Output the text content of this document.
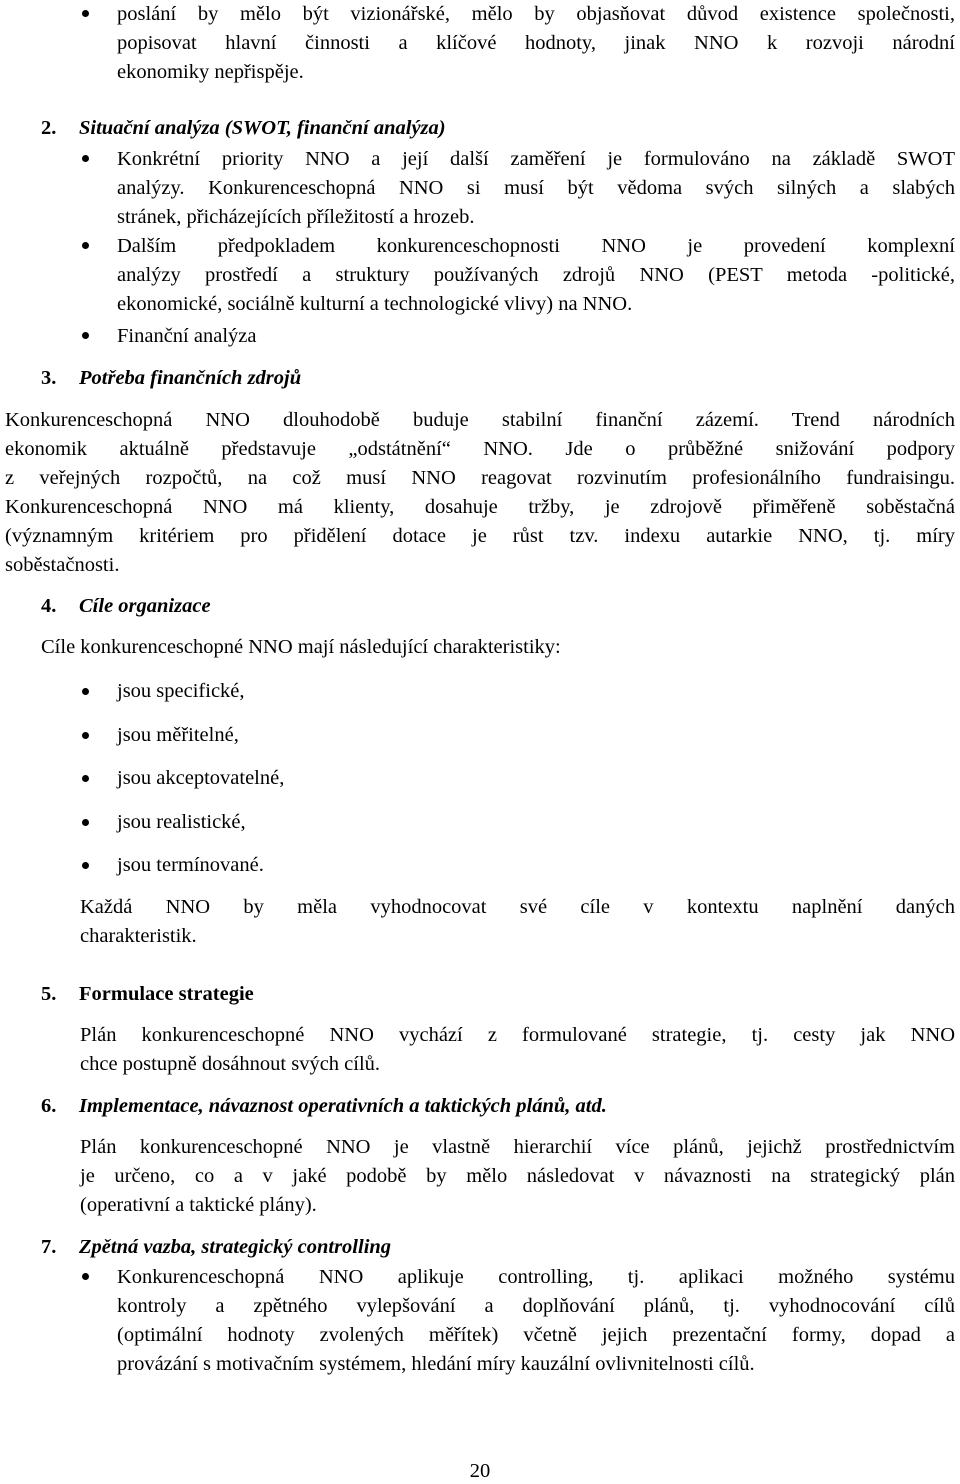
poslání by mělo být vizionářské, mělo by objasňovat důvod existence společnosti,
popisovat hlavní činnosti a klíčové hodnoty, jinak NNO k rozvoji národní
ekonomiky nepřispěje.
2. Situační analýza (SWOT, finanční analýza)
Konkrétní priority NNO a její další zaměření je formulováno na základě SWOT
analýzy. Konkurenceschopná NNO si musí být vědoma svých silných a slabých
stránek, přicházejících příležitostí a hrozeb.
Dalším předpokladem konkurenceschopnosti NNO je provedení komplexní
analýzy prostředí a struktury používaných zdrojů NNO (PEST metoda -politické,
ekonomické, sociálně kulturní a technologické vlivy) na NNO.
Finanční analýza
3. Potřeba finančních zdrojů
Konkurenceschopná NNO dlouhodobě buduje stabilní finanční zázemí. Trend národních
ekonomik aktuálně představuje „odstátnění“ NNO. Jde o průběžné snižování podpory
z veřejných rozpočtů, na což musí NNO reagovat rozvinutím profesionálního fundraisingu.
Konkurenceschopná NNO má klienty, dosahuje tržby, je zdrojově přiměřeně soběstačná
(významným kritériem pro přidělení dotace je růst tzv. indexu autarkie NNO, tj. míry
soběstačnosti.
4. Cíle organizace
Cíle konkurenceschopné NNO mají následující charakteristiky:
jsou specifické,
jsou měřitelné,
jsou akceptovatelné,
jsou realistické,
jsou termínované.
Každá NNO by měla vyhodnocovat své cíle v kontextu naplnění daných
charakteristik.
5. Formulace strategie
Plán konkurenceschopné NNO vychází z formulované strategie, tj. cesty jak NNO
chce postupně dosáhnout svých cílů.
6. Implementace, návaznost operativních a taktických plánů, atd.
Plán konkurenceschopné NNO je vlastně hierarchií více plánů, jejichž prostřednictvím
je určeno, co a v jaké podobě by mělo následovat v návaznosti na strategický plán
(operativní a taktické plány).
7. Zpětná vazba, strategický controlling
Konkurenceschopná NNO aplikuje controlling, tj. aplikaci možného systému
kontroly a zpětného vylepšování a doplňování plánů, tj. vyhodnocování cílů
(optimální hodnoty zvolených měřítek) včetně jejich prezentační formy, dopad a
provázání s motivačním systémem, hledání míry kauzální ovlivnitelnosti cílů.
20
